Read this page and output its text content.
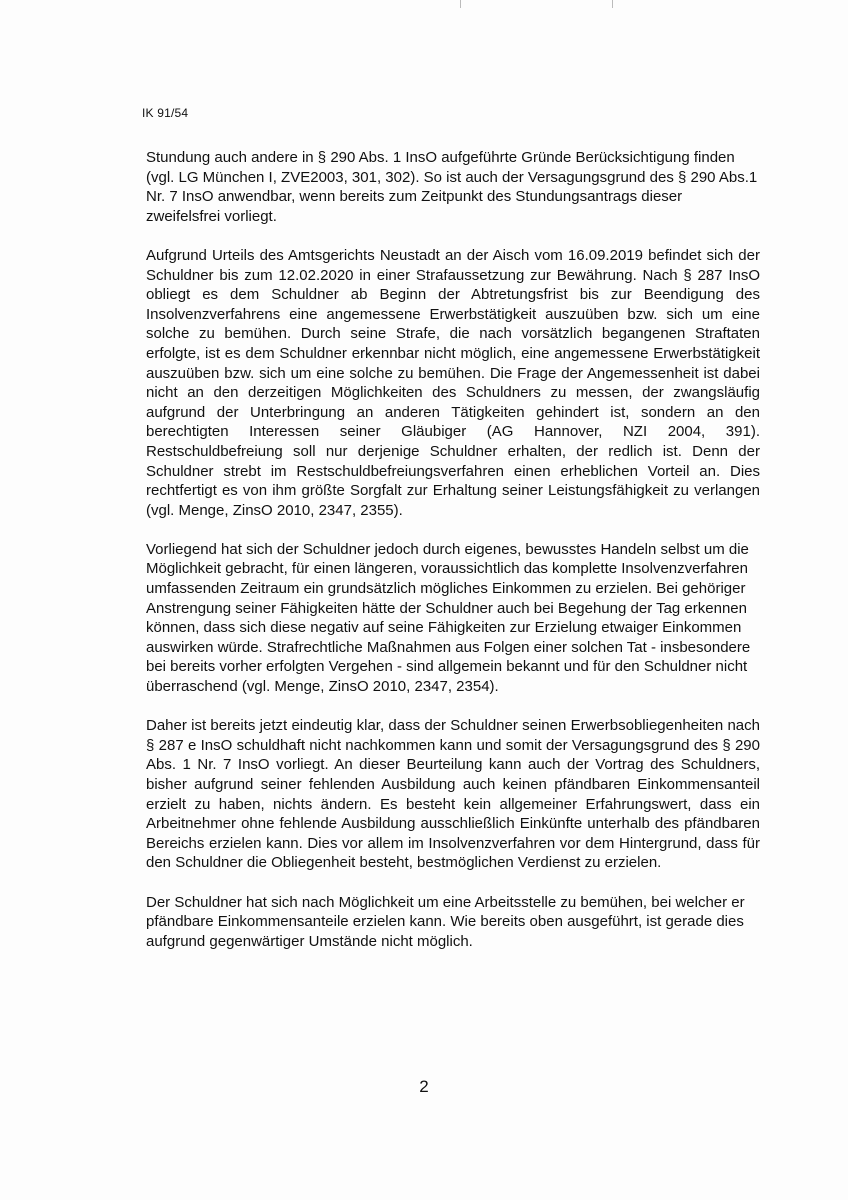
IK 91/54

Stundung auch andere in § 290 Abs. 1 InsO aufgeführte Gründe Berücksichtigung finden (vgl. LG München I, ZVE2003, 301, 302). So ist auch der Versagungsgrund des § 290 Abs.1 Nr. 7 InsO anwendbar, wenn bereits zum Zeitpunkt des Stundungsantrags dieser zweifelsfrei vorliegt.

Aufgrund Urteils des Amtsgerichts Neustadt an der Aisch vom 16.09.2019 befindet sich der Schuldner bis zum 12.02.2020 in einer Strafaussetzung zur Bewährung. Nach § 287 InsO obliegt es dem Schuldner ab Beginn der Abtretungsfrist bis zur Beendigung des Insolvenzverfahrens eine angemessene Erwerbstätigkeit auszuüben bzw. sich um eine solche zu bemühen. Durch seine Strafe, die nach vorsätzlich begangenen Straftaten erfolgte, ist es dem Schuldner erkennbar nicht möglich, eine angemessene Erwerbstätigkeit auszuüben bzw. sich um eine solche zu bemühen. Die Frage der Angemessenheit ist dabei nicht an den derzeitigen Möglichkeiten des Schuldners zu messen, der zwangsläufig aufgrund der Unterbringung an anderen Tätigkeiten gehindert ist, sondern an den berechtigten Interessen seiner Gläubiger (AG Hannover, NZI 2004, 391). Restschuldbefreiung soll nur derjenige Schuldner erhalten, der redlich ist. Denn der Schuldner strebt im Restschuldbefreiungsverfahren einen erheblichen Vorteil an. Dies rechtfertigt es von ihm größte Sorgfalt zur Erhaltung seiner Leistungsfähigkeit zu verlangen (vgl. Menge, ZinsO 2010, 2347, 2355).

Vorliegend hat sich der Schuldner jedoch durch eigenes, bewusstes Handeln selbst um die Möglichkeit gebracht, für einen längeren, voraussichtlich das komplette Insolvenzverfahren umfassenden Zeitraum ein grundsätzlich mögliches Einkommen zu erzielen. Bei gehöriger Anstrengung seiner Fähigkeiten hätte der Schuldner auch bei Begehung der Tag erkennen können, dass sich diese negativ auf seine Fähigkeiten zur Erzielung etwaiger Einkommen auswirken würde. Strafrechtliche Maßnahmen aus Folgen einer solchen Tat - insbesondere bei bereits vorher erfolgten Vergehen - sind allgemein bekannt und für den Schuldner nicht überraschend (vgl. Menge, ZinsO 2010, 2347, 2354).

Daher ist bereits jetzt eindeutig klar, dass der Schuldner seinen Erwerbsobliegenheiten nach § 287 e InsO schuldhaft nicht nachkommen kann und somit der Versagungsgrund des § 290 Abs. 1 Nr. 7 InsO vorliegt. An dieser Beurteilung kann auch der Vortrag des Schuldners, bisher aufgrund seiner fehlenden Ausbildung auch keinen pfändbaren Einkommensanteil erzielt zu haben, nichts ändern. Es besteht kein allgemeiner Erfahrungswert, dass ein Arbeitnehmer ohne fehlende Ausbildung ausschließlich Einkünfte unterhalb des pfändbaren Bereichs erzielen kann. Dies vor allem im Insolvenzverfahren vor dem Hintergrund, dass für den Schuldner die Obliegenheit besteht, bestmöglichen Verdienst zu erzielen.

Der Schuldner hat sich nach Möglichkeit um eine Arbeitsstelle zu bemühen, bei welcher er pfändbare Einkommensanteile erzielen kann. Wie bereits oben ausgeführt, ist gerade dies aufgrund gegenwärtiger Umstände nicht möglich.

2
